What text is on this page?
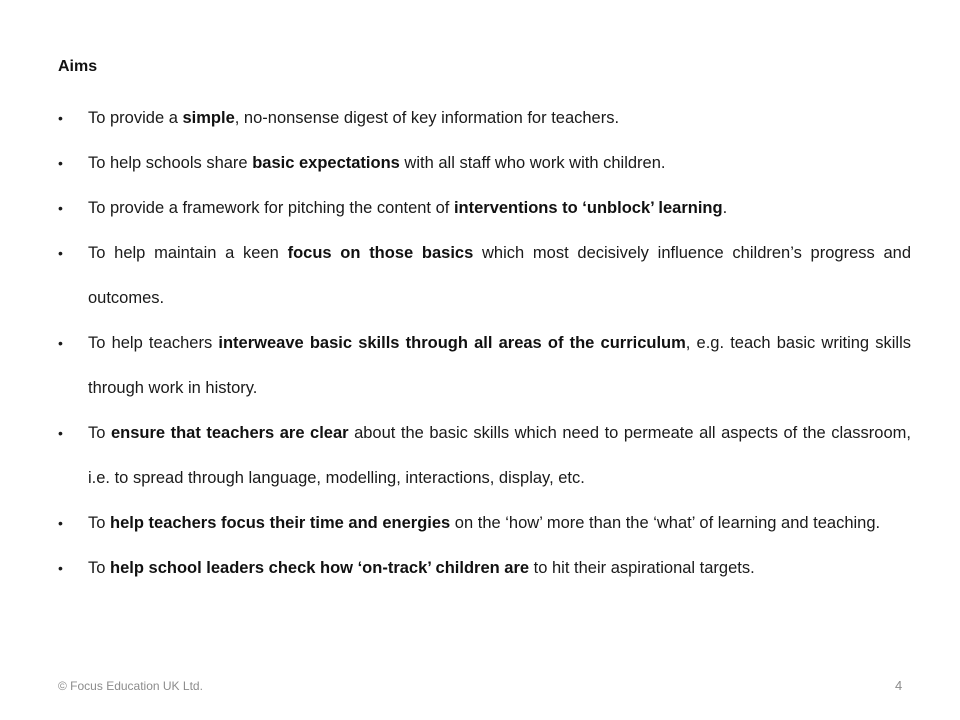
Aims
•	To provide a simple, no-nonsense digest of key information for teachers.
•	To help schools share basic expectations with all staff who work with children.
•	To provide a framework for pitching the content of interventions to ‘unblock’ learning.
•	To help maintain a keen focus on those basics which most decisively influence children’s progress and outcomes.
•	To help teachers interweave basic skills through all areas of the curriculum, e.g. teach basic writing skills through work in history.
•	To ensure that teachers are clear about the basic skills which need to permeate all aspects of the classroom, i.e. to spread through language, modelling, interactions, display, etc.
•	To help teachers focus their time and energies on the ‘how’ more than the ‘what’ of learning and teaching.
•	To help school leaders check how ‘on-track’ children are to hit their aspirational targets.
© Focus Education UK Ltd.	4
